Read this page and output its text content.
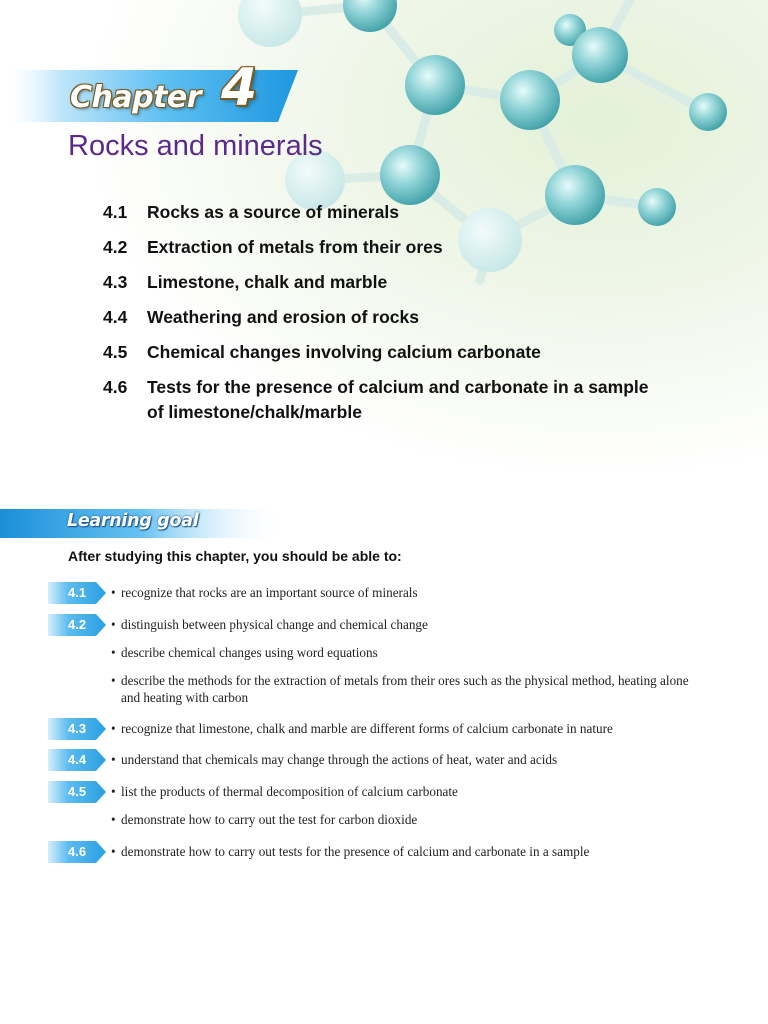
Chapter 4
Rocks and minerals
4.1 Rocks as a source of minerals
4.2 Extraction of metals from their ores
4.3 Limestone, chalk and marble
4.4 Weathering and erosion of rocks
4.5 Chemical changes involving calcium carbonate
4.6 Tests for the presence of calcium and carbonate in a sample of limestone/chalk/marble
Learning goal
After studying this chapter, you should be able to:
4.1 • recognize that rocks are an important source of minerals
4.2 • distinguish between physical change and chemical change
• describe chemical changes using word equations
• describe the methods for the extraction of metals from their ores such as the physical method, heating alone and heating with carbon
4.3 • recognize that limestone, chalk and marble are different forms of calcium carbonate in nature
4.4 • understand that chemicals may change through the actions of heat, water and acids
4.5 • list the products of thermal decomposition of calcium carbonate
• demonstrate how to carry out the test for carbon dioxide
4.6 • demonstrate how to carry out tests for the presence of calcium and carbonate in a sample
